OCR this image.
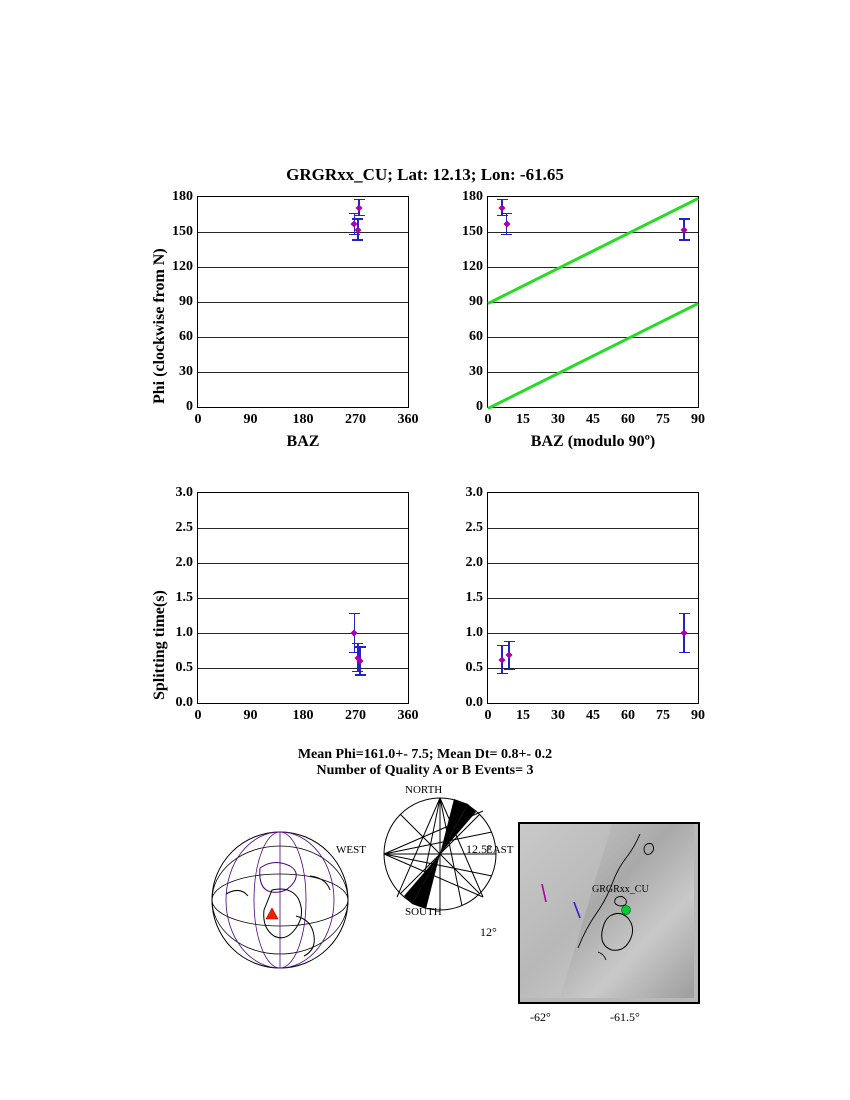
GRGRxx_CU; Lat: 12.13; Lon: -61.65
BAZ
0
30
60
90
120
150
180
0	90	180 270 360
Phi (clockwise from N)
BAZ (modulo 90º)
0
30
60
90
120
150
180
0 15 30 45 60 75 90
0.0
0.5
1.0
1.5
2.0
2.5
3.0
0	90	180 270 360
Splitting time(s)
0.0
0.5
1.0
1.5
2.0
2.5
3.0
0 15 30 45 60 75 90
Mean Phi=161.0+- 7.5; Mean Dt= 0.8+- 0.2
Number of Quality A or B Events= 3
NORTH
SOUTH
WEST	EAST
GRGRxx_CU
12.5°
12°
-62°	-61.5°
